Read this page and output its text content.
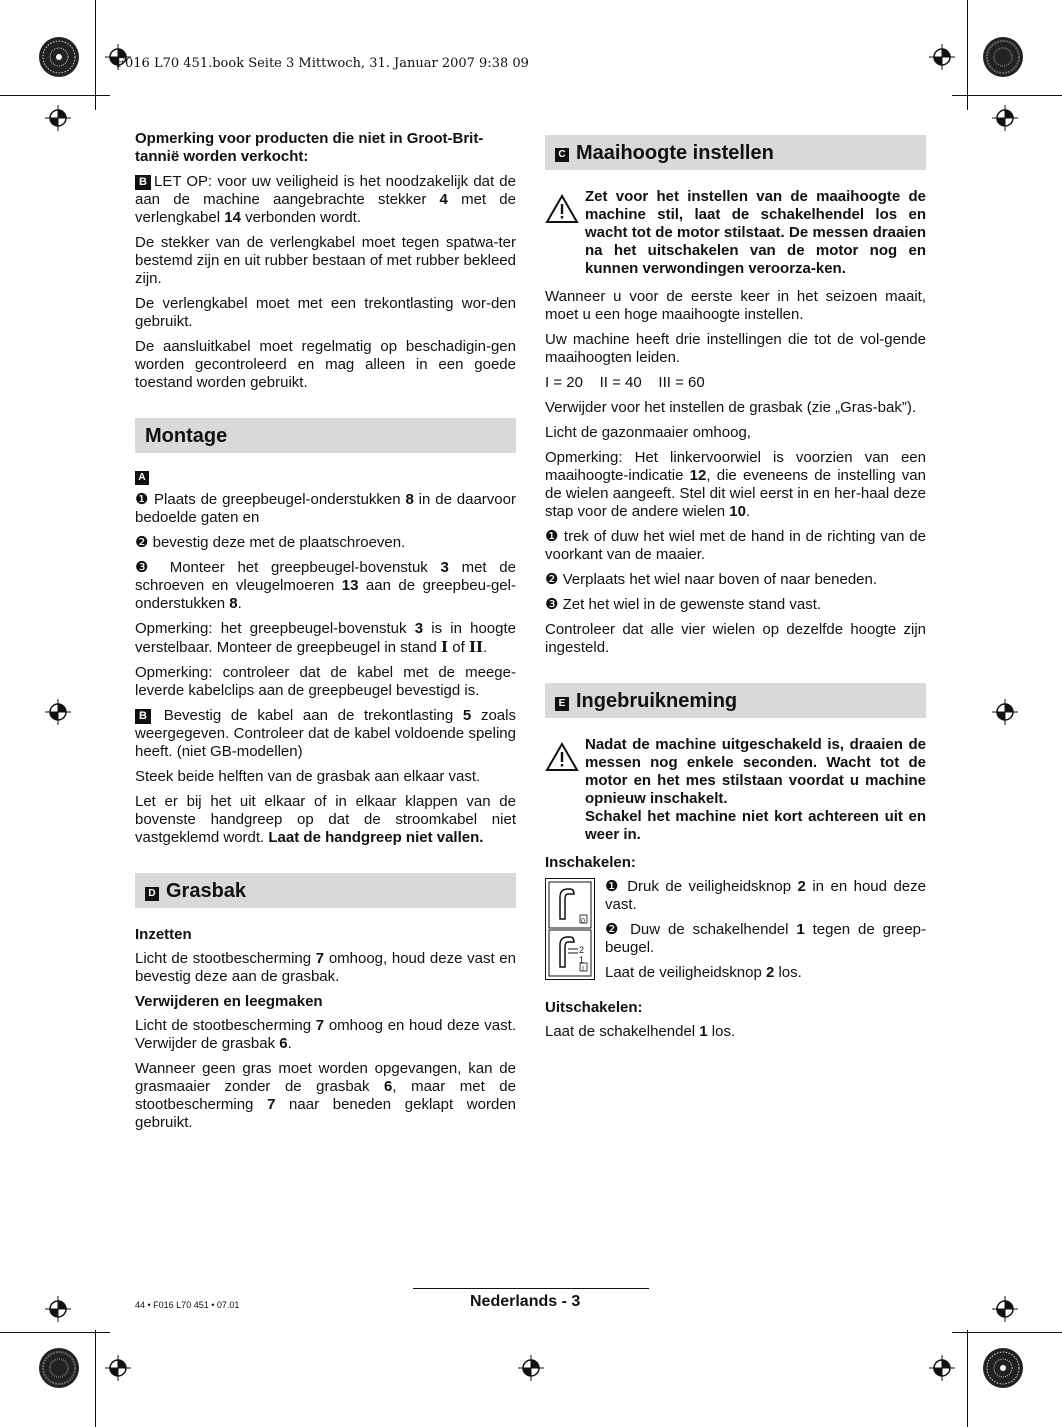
F016 L70 451.book Seite 3 Mittwoch, 31. Januar 2007 9:38 09

Opmerking voor producten die niet in Groot-Brit-tannië worden verkocht:

B LET OP: voor uw veiligheid is het noodzakelijk dat de aan de machine aangebrachte stekker 4 met de verlengkabel 14 verbonden wordt.

De stekker van de verlengkabel moet tegen spatwa-ter bestemd zijn en uit rubber bestaan of met rubber bekleed zijn.

De verlengkabel moet met een trekontlasting wor-den gebruikt.

De aansluitkabel moet regelmatig op beschadigin-gen worden gecontroleerd en mag alleen in een goede toestand worden gebruikt.

Montage
A

❶ Plaats de greepbeugel-onderstukken 8 in de daarvoor bedoelde gaten en

❷ bevestig deze met de plaatschroeven.

❸ Monteer het greepbeugel-bovenstuk 3 met de schroeven en vleugelmoeren 13 aan de greepbeu-gel-onderstukken 8.

Opmerking: het greepbeugel-bovenstuk 3 is in hoogte verstelbaar. Monteer de greepbeugel in stand I of II.

Opmerking: controleer dat de kabel met de meege-leverde kabelclips aan de greepbeugel bevestigd is.

B Bevestig de kabel aan de trekontlasting 5 zoals weergegeven. Controleer dat de kabel voldoende speling heeft. (niet GB-modellen)

Steek beide helften van de grasbak aan elkaar vast.

Let er bij het uit elkaar of in elkaar klappen van de bovenste handgreep op dat de stroomkabel niet vastgeklemd wordt. Laat de handgreep niet vallen.

D Grasbak

Inzetten

Licht de stootbescherming 7 omhoog, houd deze vast en bevestig deze aan de grasbak.

Verwijderen en leegmaken

Licht de stootbescherming 7 omhoog en houd deze vast. Verwijder de grasbak 6.

Wanneer geen gras moet worden opgevangen, kan de grasmaaier zonder de grasbak 6, maar met de stootbescherming 7 naar beneden geklapt worden gebruikt.

C Maaihoogte instellen
Zet voor het instellen van de maaihoogte de machine stil, laat de schakelhendel los en wacht tot de motor stilstaat. De messen draaien na het uitschakelen van de motor nog en kunnen verwondingen veroorza-ken.

Wanneer u voor de eerste keer in het seizoen maait, moet u een hoge maaihoogte instellen.

Uw machine heeft drie instellingen die tot de vol-gende maaihoogten leiden.

I = 20    II = 40    III = 60

Verwijder voor het instellen de grasbak (zie „Gras-bak”).

Licht de gazonmaaier omhoog,

Opmerking: Het linkervoorwiel is voorzien van een maaihoogte-indicatie 12, die eveneens de instelling van de wielen aangeeft. Stel dit wiel eerst in en her-haal deze stap voor de andere wielen 10.

❶ trek of duw het wiel met de hand in de richting van de voorkant van de maaier.

❷ Verplaats het wiel naar boven of naar beneden.

❸ Zet het wiel in de gewenste stand vast.

Controleer dat alle vier wielen op dezelfde hoogte zijn ingesteld.

E Ingebruikneming
Nadat de machine uitgeschakeld is, draaien de messen nog enkele seconden. Wacht tot de motor en het mes stilstaan voordat u machine opnieuw inschakelt.
Schakel het machine niet kort achtereen uit en weer in.

Inschakelen:

0
2
1
I

❶ Druk de veiligheidsknop 2 in en houd deze vast.

❷ Duw de schakelhendel 1 tegen de greep-beugel.

Laat de veiligheidsknop 2 los.

Uitschakelen:

Laat de schakelhendel 1 los.

44 • F016 L70 451 • 07.01	Nederlands - 3
